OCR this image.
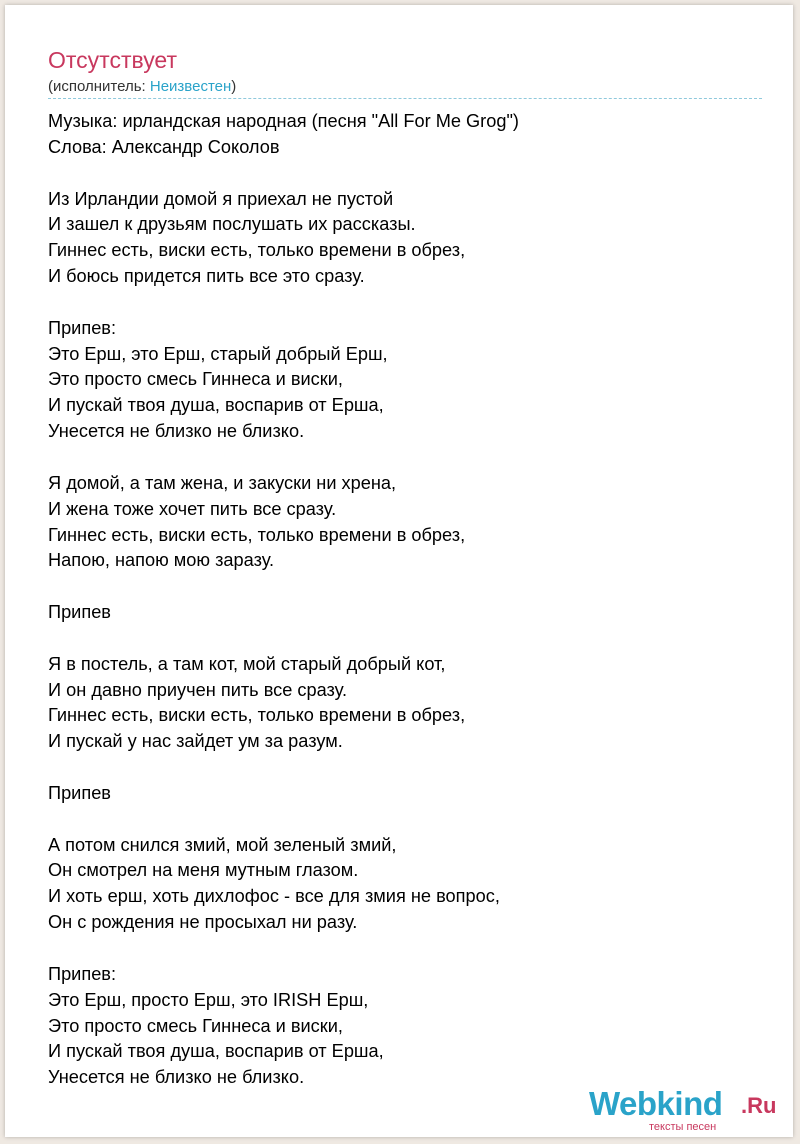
Отсутствует
(исполнитель: Неизвестен)
Музыка: ирландская народная (песня "All For Me Grog")
Слова: Александр Соколов
Из Ирландии домой я приехал не пустой
И зашел к друзьям послушать их рассказы.
Гиннес есть, виски есть, только времени в обрез,
И боюсь придется пить все это сразу.
Припев:
Это Ерш, это Ерш, старый добрый Ерш,
Это просто смесь Гиннеса и виски,
И пускай твоя душа, воспарив от Ерша,
Унесется не близко не близко.
Я домой, а там жена, и закуски ни хрена,
И жена тоже хочет пить все сразу.
Гиннес есть, виски есть, только времени в обрез,
Напою, напою мою заразу.
Припев
Я в постель, а там кот, мой старый добрый кот,
И он давно приучен пить все сразу.
Гиннес есть, виски есть, только времени в обрез,
И пускай у нас зайдет ум за разум.
Припев
А потом снился змий, мой зеленый змий,
Он смотрел на меня мутным глазом.
И хоть ерш, хоть дихлофос - все для змия не вопрос,
Он с рождения не просыхал ни разу.
Припев:
Это Ерш, просто Ерш, это IRISH Ерш,
Это просто смесь Гиннеса и виски,
И пускай твоя душа, воспарив от Ерша,
Унесется не близко не близко.
Webkind .Ru
тексты песен
